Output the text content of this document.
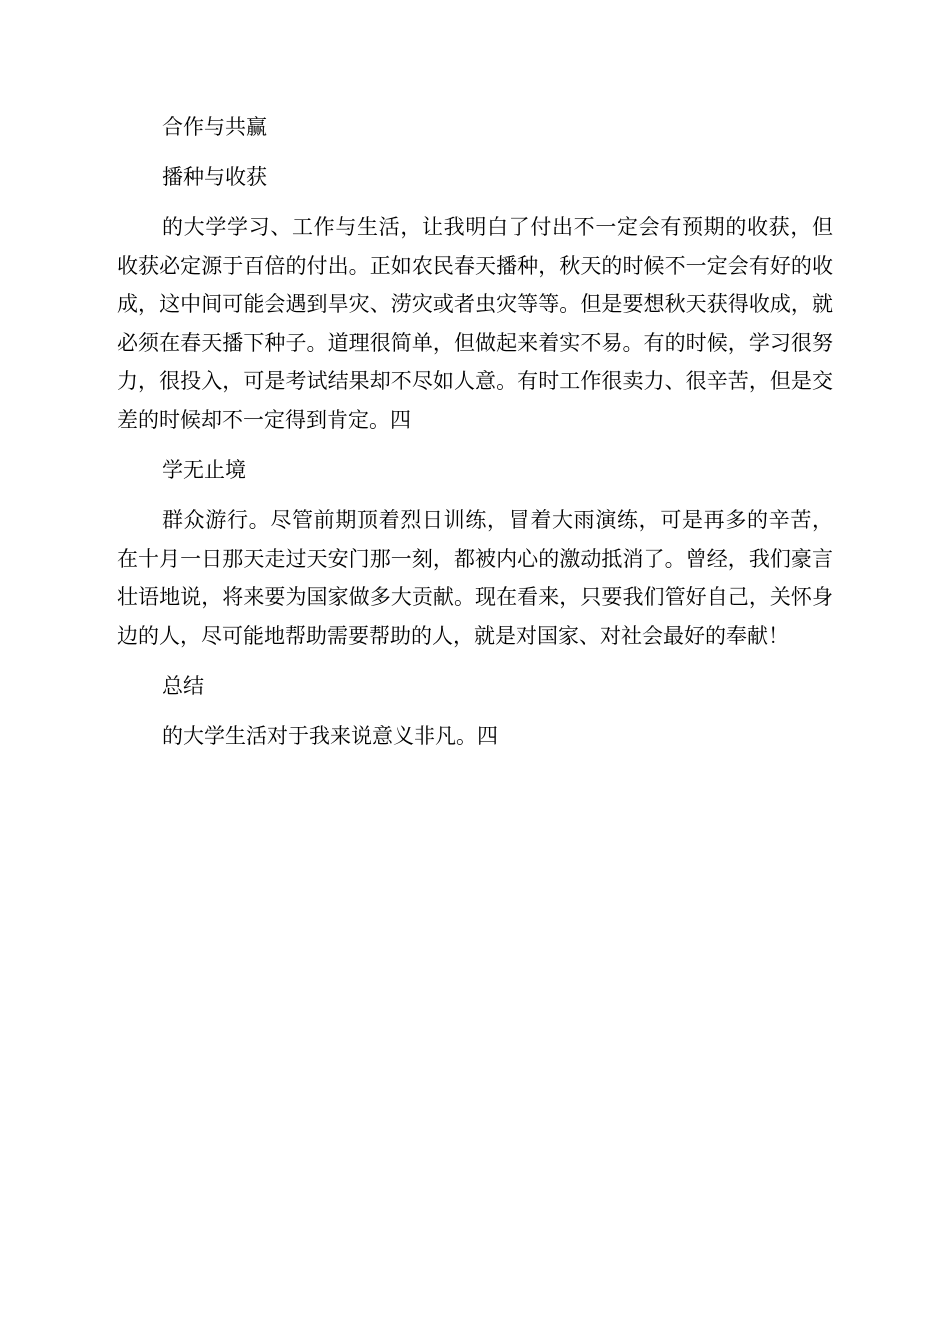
合作与共赢

播种与收获

的大学学习、工作与生活，让我明白了付出不一定会有预期的收获，但收获必定源于百倍的付出。正如农民春天播种，秋天的时候不一定会有好的收成，这中间可能会遇到旱灾、涝灾或者虫灾等等。但是要想秋天获得收成，就必须在春天播下种子。道理很简单，但做起来着实不易。有的时候，学习很努力，很投入，可是考试结果却不尽如人意。有时工作很卖力、很辛苦，但是交差的时候却不一定得到肯定。四

学无止境

群众游行。尽管前期顶着烈日训练，冒着大雨演练，可是再多的辛苦，在十月一日那天走过天安门那一刻，都被内心的激动抵消了。曾经，我们豪言壮语地说，将来要为国家做多大贡献。现在看来，只要我们管好自己，关怀身边的人，尽可能地帮助需要帮助的人，就是对国家、对社会最好的奉献！

总结

的大学生活对于我来说意义非凡。四
